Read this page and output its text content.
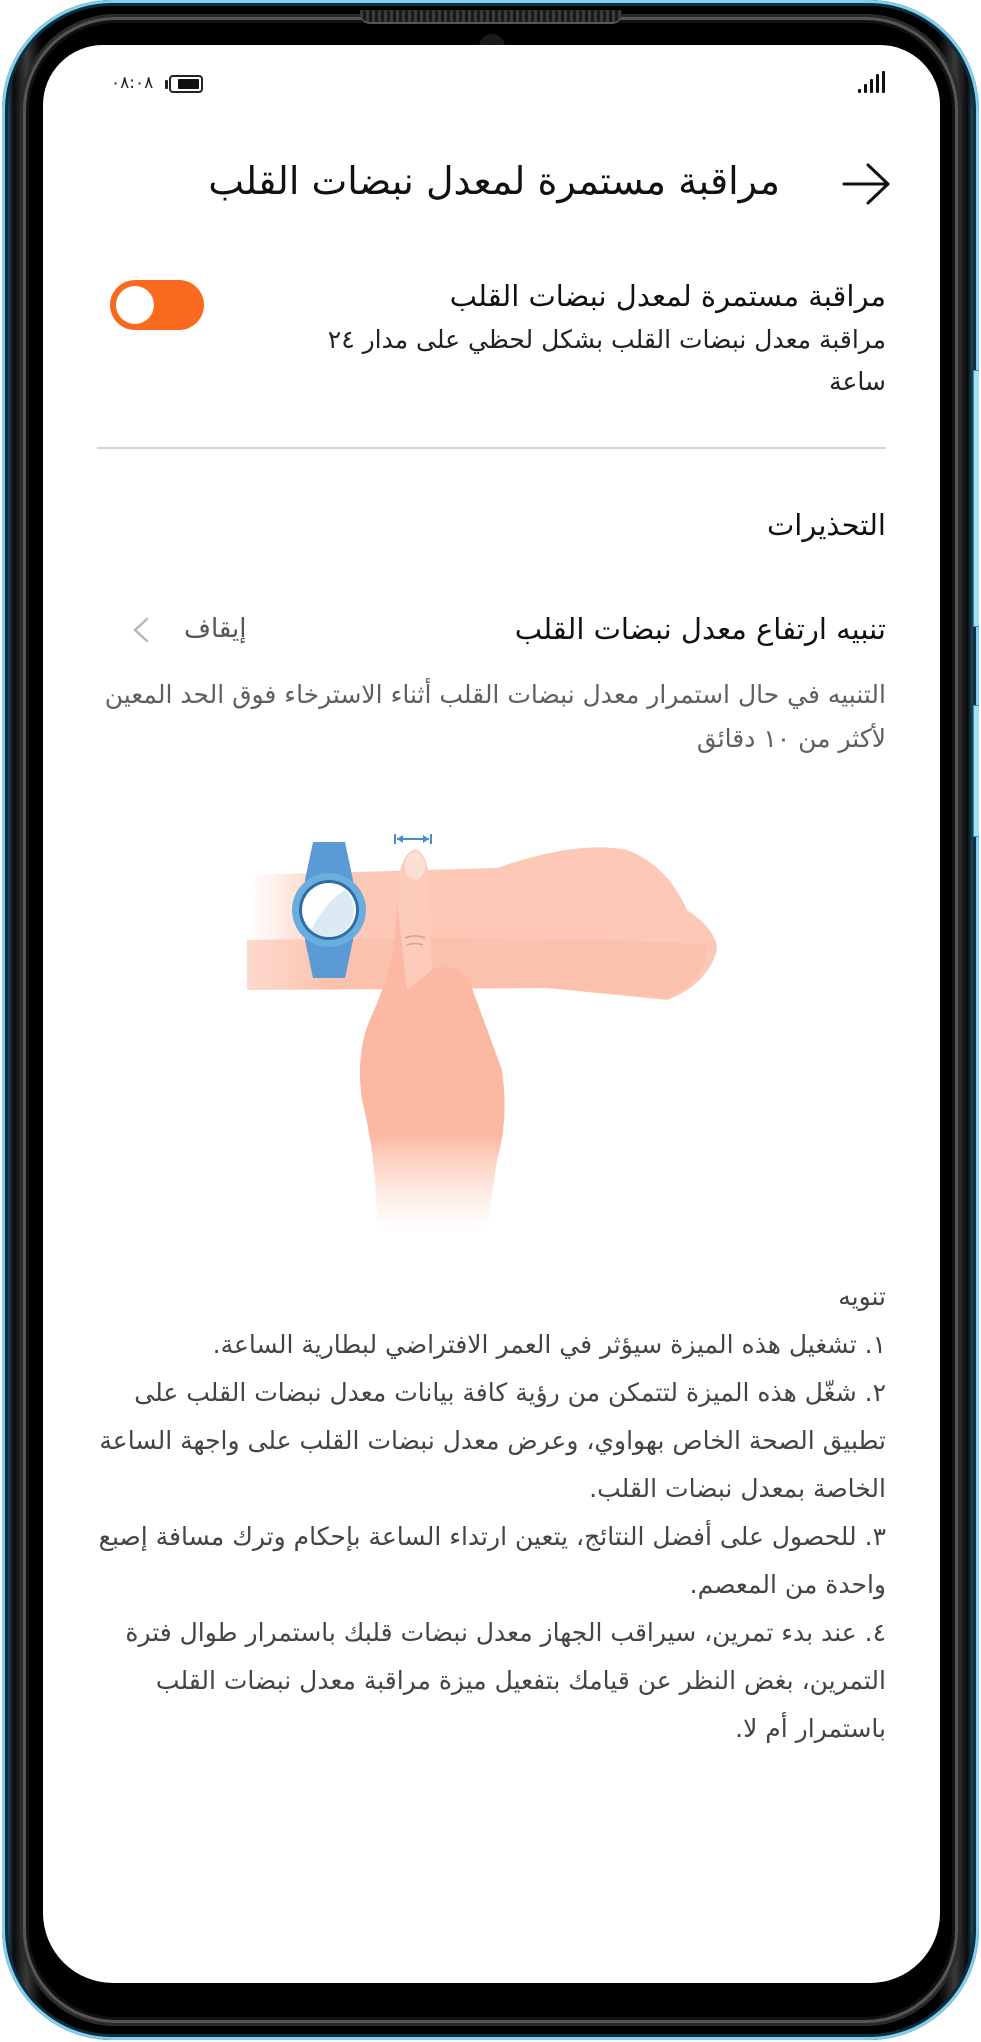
٠٨:٠٨
مراقبة مستمرة لمعدل نبضات القلب
مراقبة مستمرة لمعدل نبضات القلب
مراقبة معدل نبضات القلب بشكل لحظي على مدار ٢٤ ساعة
التحذيرات
تنبيه ارتفاع معدل نبضات القلب
إيقاف
التنبيه في حال استمرار معدل نبضات القلب أثناء الاسترخاء فوق الحد المعين لأكثر من ١٠ دقائق
تنويه
١. تشغيل هذه الميزة سيؤثر في العمر الافتراضي لبطارية الساعة.
٢. شغّل هذه الميزة لتتمكن من رؤية كافة بيانات معدل نبضات القلب على تطبيق الصحة الخاص بهواوي، وعرض معدل نبضات القلب على واجهة الساعة الخاصة بمعدل نبضات القلب.
٣. للحصول على أفضل النتائج، يتعين ارتداء الساعة بإحكام وترك مسافة إصبع واحدة من المعصم.
٤. عند بدء تمرين، سيراقب الجهاز معدل نبضات قلبك باستمرار طوال فترة التمرين، بغض النظر عن قيامك بتفعيل ميزة مراقبة معدل نبضات القلب باستمرار أم لا.
